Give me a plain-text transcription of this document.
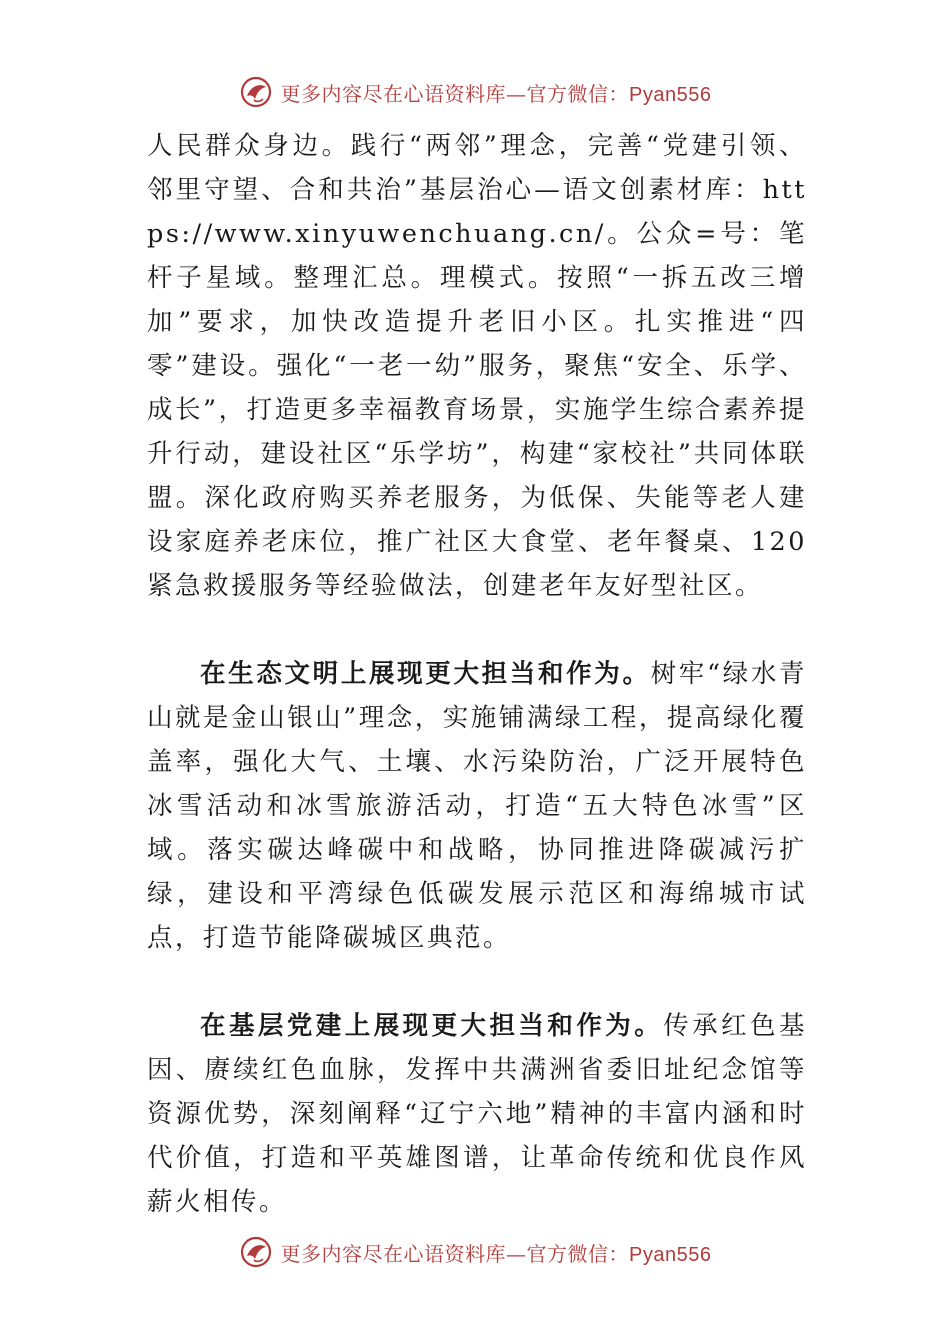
更多内容尽在心语资料库—官方微信：Pyan556

人民群众身边。践行“两邻”理念，完善“党建引领、邻里守望、合和共治”基层治心—语文创素材库：https://www.xinyuwenchuang.cn/。公众=号：笔杆子星域。整理汇总。理模式。按照“一拆五改三增加”要求，加快改造提升老旧小区。扎实推进“四零”建设。强化“一老一幼”服务，聚焦“安全、乐学、成长”，打造更多幸福教育场景，实施学生综合素养提升行动，建设社区“乐学坊”，构建“家校社”共同体联盟。深化政府购买养老服务，为低保、失能等老人建设家庭养老床位，推广社区大食堂、老年餐桌、120 紧急救援服务等经验做法，创建老年友好型社区。

在生态文明上展现更大担当和作为。树牢“绿水青山就是金山银山”理念，实施铺满绿工程，提高绿化覆盖率，强化大气、土壤、水污染防治，广泛开展特色冰雪活动和冰雪旅游活动，打造“五大特色冰雪”区域。落实碳达峰碳中和战略，协同推进降碳减污扩绿，建设和平湾绿色低碳发展示范区和海绵城市试点，打造节能降碳城区典范。

在基层党建上展现更大担当和作为。传承红色基因、赓续红色血脉，发挥中共满洲省委旧址纪念馆等资源优势，深刻阐释“辽宁六地”精神的丰富内涵和时代价值，打造和平英雄图谱，让革命传统和优良作风薪火相传。

更多内容尽在心语资料库—官方微信：Pyan556
